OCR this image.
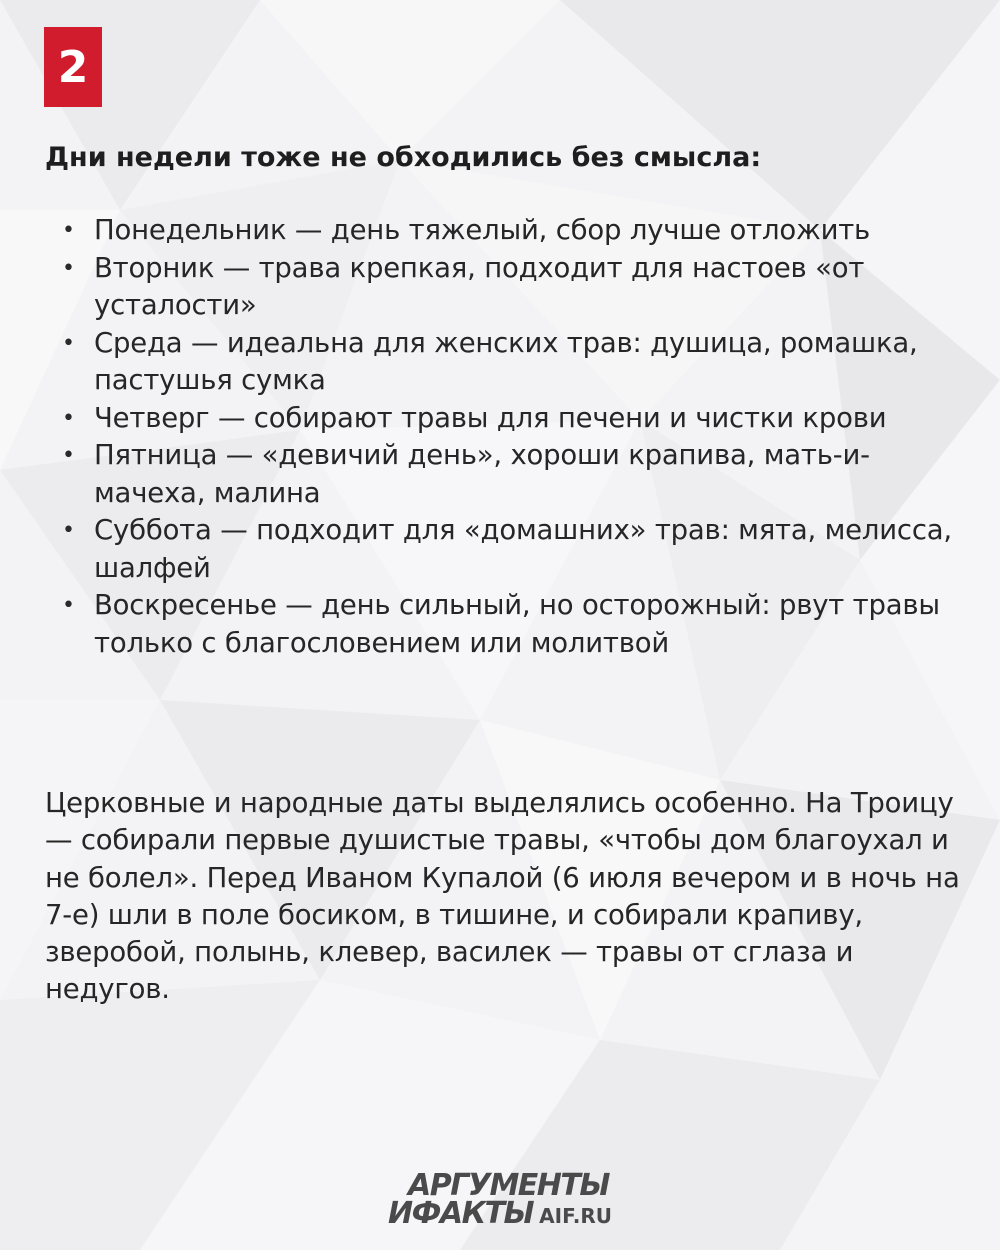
2
Дни недели тоже не обходились без смысла:
• Понедельник — день тяжелый, сбор лучше отложить
• Вторник — трава крепкая, подходит для настоев «от усталости»
• Среда — идеальна для женских трав: душица, ромашка, пастушья сумка
• Четверг — собирают травы для печени и чистки крови
• Пятница — «девичий день», хороши крапива, мать-и-мачеха, малина
• Суббота — подходит для «домашних» трав: мята, мелисса, шалфей
• Воскресенье — день сильный, но осторожный: рвут травы только с благословением или молитвой
Церковные и народные даты выделялись особенно. На Троицу — собирали первые душистые травы, «чтобы дом благоухал и не болел». Перед Иваном Купалой (6 июля вечером и в ночь на 7-е) шли в поле босиком, в тишине, и собирали крапиву, зверобой, полынь, клевер, василек — травы от сглаза и недугов.
АРГУМЕНТЫ
ИФАКТЫ AIF.RU
